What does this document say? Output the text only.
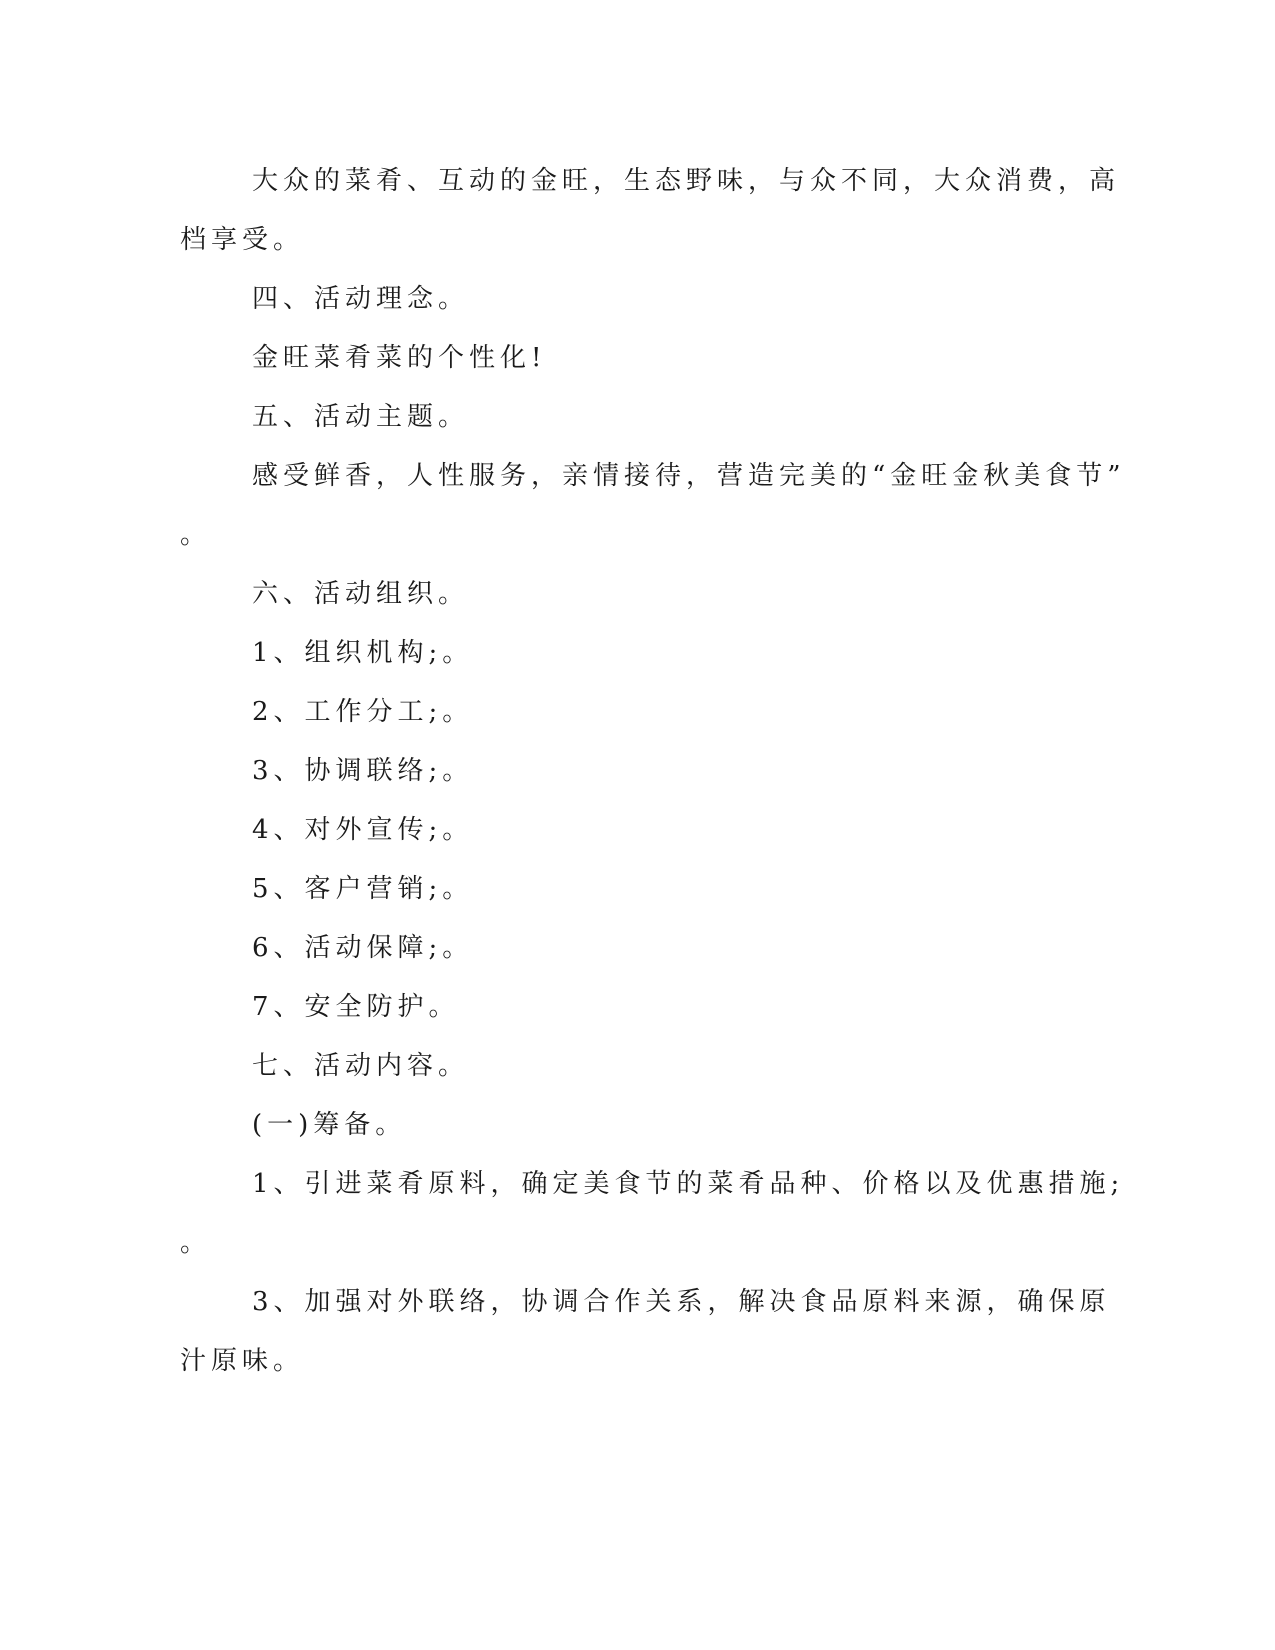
大众的菜肴、互动的金旺，生态野味，与众不同，大众消费，高

档享受。

四、活动理念。

金旺菜肴菜的个性化!

五、活动主题。

感受鲜香，人性服务，亲情接待，营造完美的“金旺金秋美食节”

。

六、活动组织。

1、组织机构;。

2、工作分工;。

3、协调联络;。

4、对外宣传;。

5、客户营销;。

6、活动保障;。

7、安全防护。

七、活动内容。

(一)筹备。

1、引进菜肴原料，确定美食节的菜肴品种、价格以及优惠措施;

。

3、加强对外联络，协调合作关系，解决食品原料来源，确保原

汁原味。
